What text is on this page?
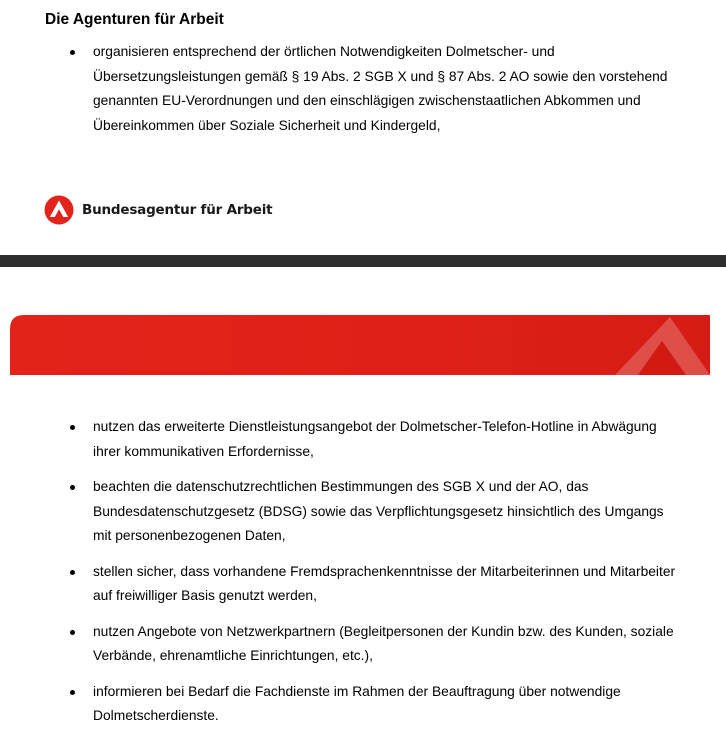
Die Agenturen für Arbeit
organisieren entsprechend der örtlichen Notwendigkeiten Dolmetscher- und Übersetzungsleistungen gemäß § 19 Abs. 2 SGB X und § 87 Abs. 2 AO sowie den vorstehend genannten EU-Verordnungen und den einschlägigen zwischenstaatlichen Abkommen und Übereinkommen über Soziale Sicherheit und Kindergeld,
Bundesagentur für Arbeit
nutzen das erweiterte Dienstleistungsangebot der Dolmetscher-Telefon-Hotline in Abwägung ihrer kommunikativen Erfordernisse,
beachten die datenschutzrechtlichen Bestimmungen des SGB X und der AO, das Bundesdatenschutzgesetz (BDSG) sowie das Verpflichtungsgesetz hinsichtlich des Umgangs mit personenbezogenen Daten,
stellen sicher, dass vorhandene Fremdsprachenkenntnisse der Mitarbeiterinnen und Mitarbeiter auf freiwilliger Basis genutzt werden,
nutzen Angebote von Netzwerkpartnern (Begleitpersonen der Kundin bzw. des Kunden, soziale Verbände, ehrenamtliche Einrichtungen, etc.),
informieren bei Bedarf die Fachdienste im Rahmen der Beauftragung über notwendige Dolmetscherdienste.
